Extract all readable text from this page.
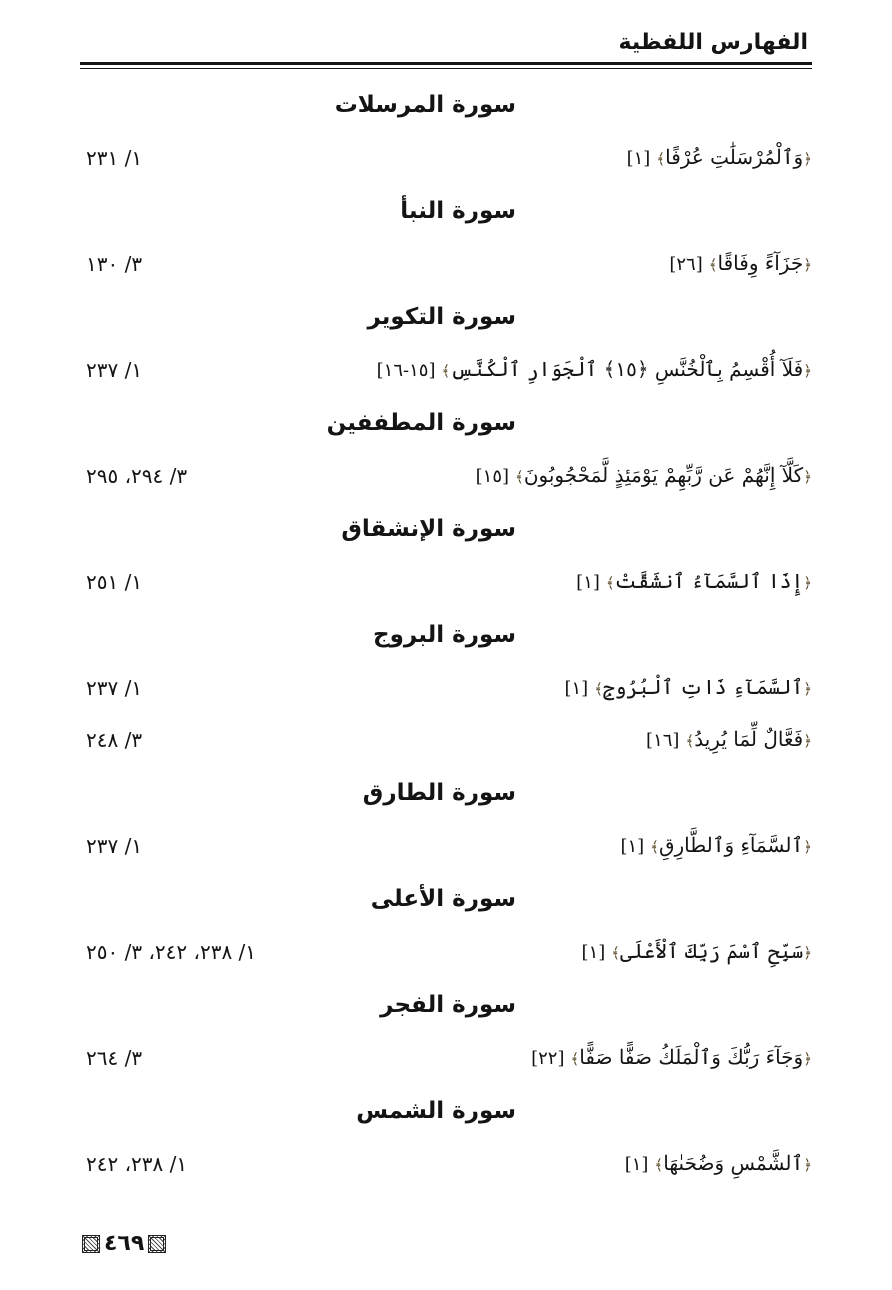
الفهارس اللفظية
سورة المرسلات
﴿وَٱلْمُرْسَلَٰتِ عُرْفًا﴾[١]
١/ ٢٣١
سورة النبأ
﴿جَزَآءً وِفَاقًا﴾[٢٦]
٣/ ١٣٠
سورة التكوير
﴿فَلَآ أُقْسِمُ بِٱلْخُنَّسِ ﴿١٥﴾ ٱلْجَوَارِ ٱلْكُنَّسِ﴾[١٥-١٦]
١/ ٢٣٧
سورة المطففين
﴿كَلَّآ إِنَّهُمْ عَن رَّبِّهِمْ يَوْمَئِذٍ لَّمَحْجُوبُونَ﴾[١٥]
٣/ ٢٩٤، ٢٩٥
سورة الإنشقاق
﴿إِذَا ٱلسَّمَآءُ ٱنشَقَّتْ﴾[١]
١/ ٢٥١
سورة البروج
﴿ٱلسَّمَآءِ ذَاتِ ٱلْبُرُوجِ﴾[١]
١/ ٢٣٧
﴿فَعَّالٌ لِّمَا يُرِيدُ﴾[١٦]
٣/ ٢٤٨
سورة الطارق
﴿ٱلسَّمَآءِ وَٱلطَّارِقِ﴾[١]
١/ ٢٣٧
سورة الأعلى
﴿سَبِّحِ ٱسْمَ رَبِّكَ ٱلْأَعْلَى﴾[١]
١/ ٢٣٨، ٢٤٢، ٣/ ٢٥٠
سورة الفجر
﴿وَجَآءَ رَبُّكَ وَٱلْمَلَكُ صَفًّا صَفًّا﴾[٢٢]
٣/ ٢٦٤
سورة الشمس
﴿ٱلشَّمْسِ وَضُحَىٰهَا﴾[١]
١/ ٢٣٨، ٢٤٢
٤٦٩
